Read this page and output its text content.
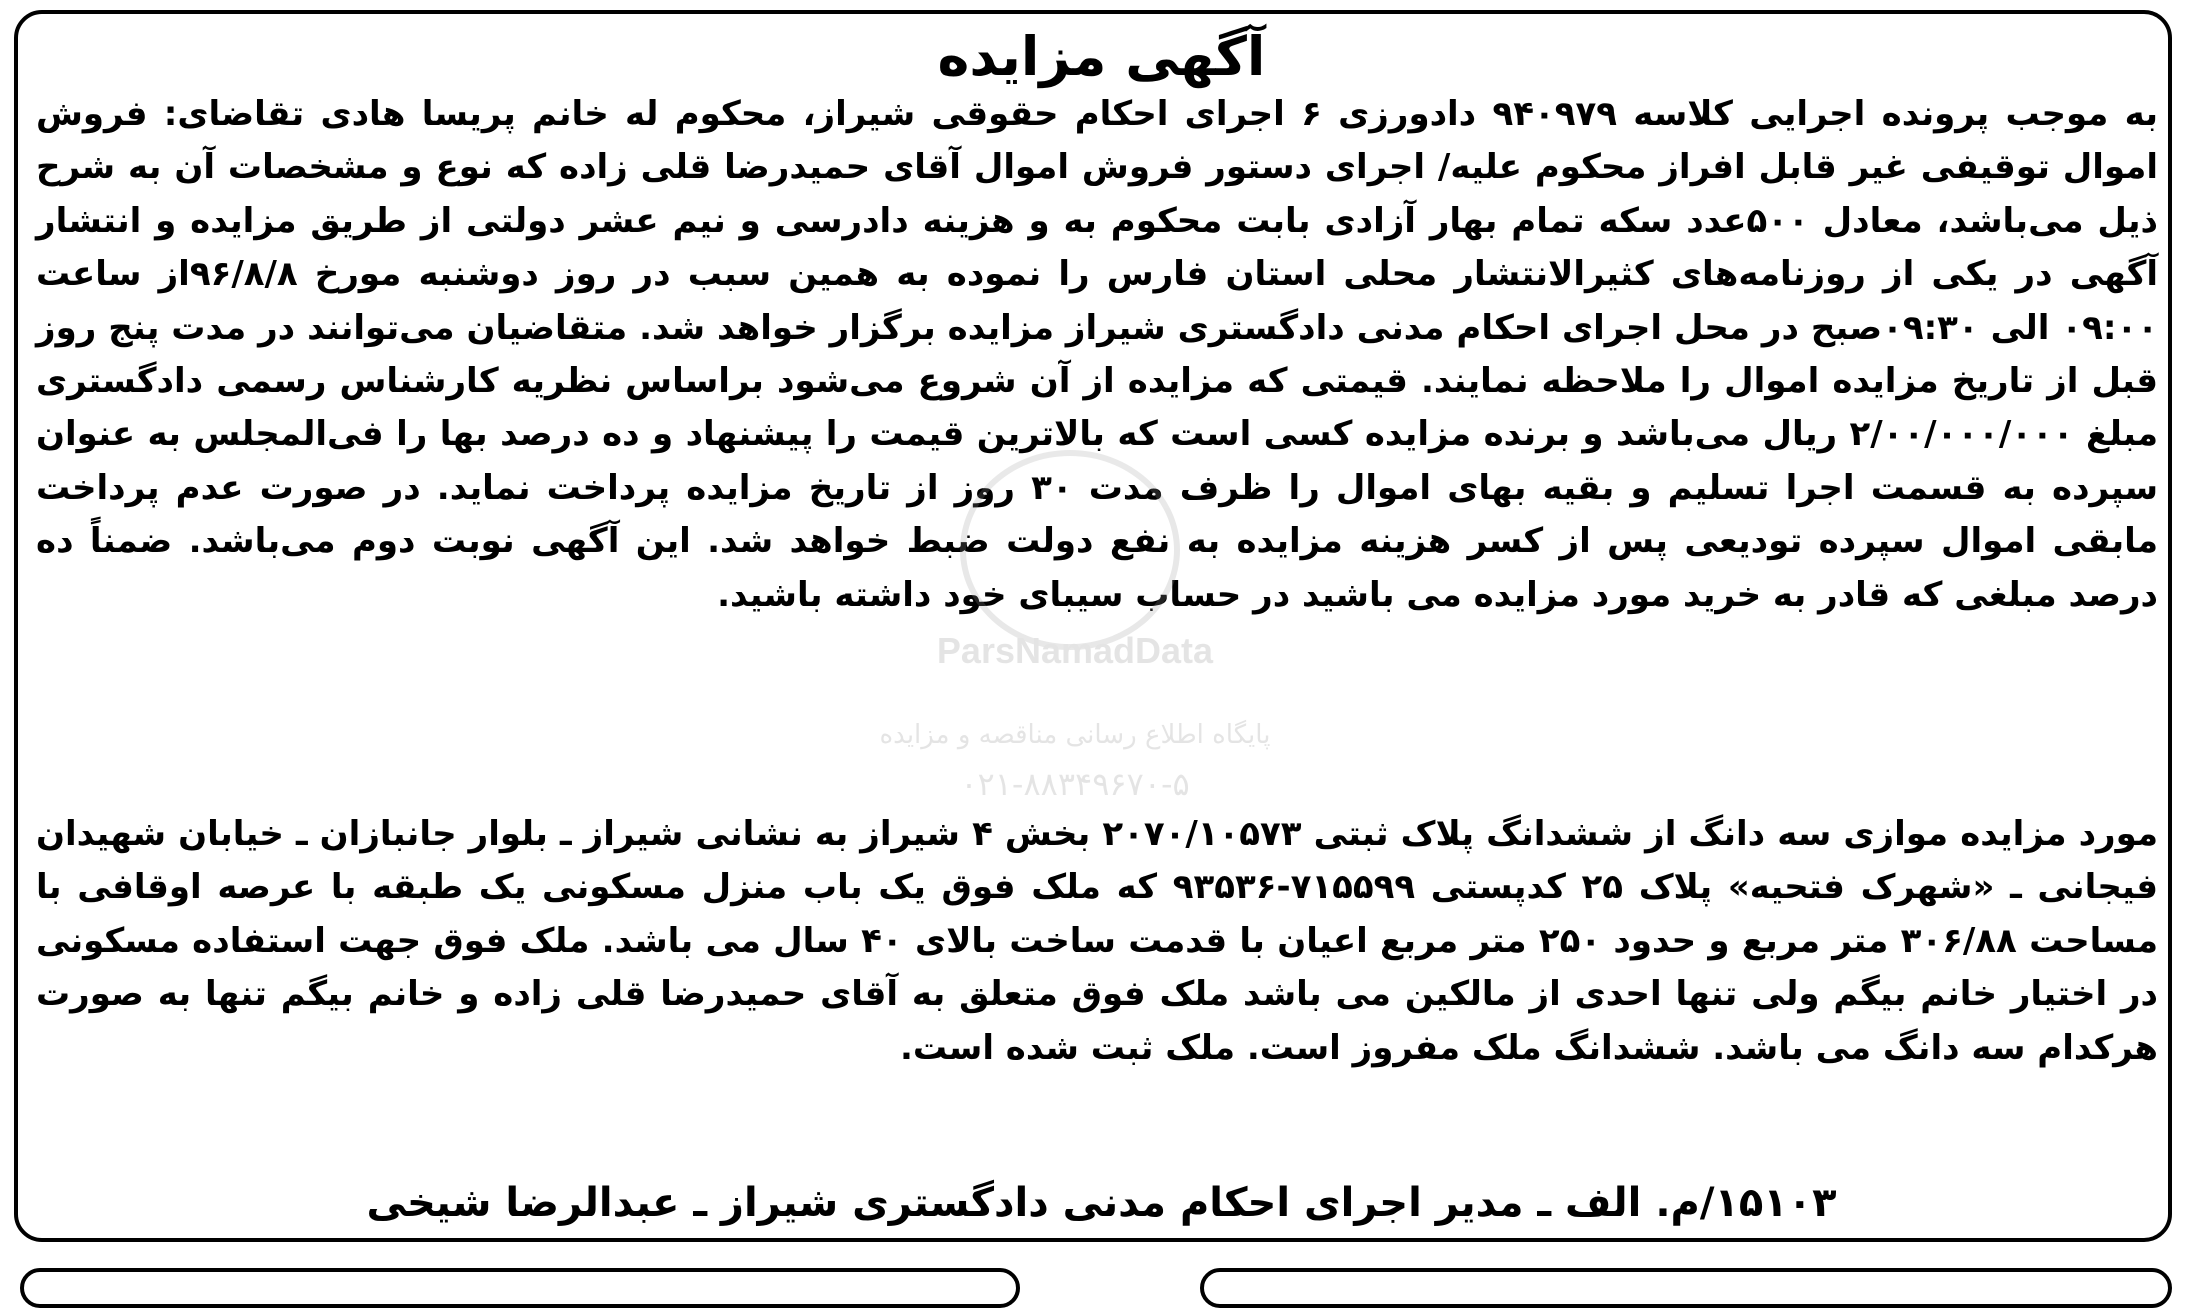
آگهی مزایده

به موجب پرونده اجرایی کلاسه ۹۴۰۹۷۹ دادورزی ۶ اجرای احکام حقوقی شیراز، محکوم له خانم پریسا هادی تقاضای: فروش اموال توقیفی غیر قابل افراز محکوم علیه/ اجرای دستور فروش اموال آقای حمیدرضا قلی زاده که نوع و مشخصات آن به شرح ذیل می‌باشد، معادل ۵۰۰عدد سکه تمام بهار آزادی بابت محکوم به و هزینه دادرسی و نیم عشر دولتی از طریق مزایده و انتشار آگهی در یکی از روزنامه‌های کثیرالانتشار محلی استان فارس را نموده به همین سبب در روز دوشنبه مورخ ۹۶/۸/۸از ساعت ۰۹:۰۰ الی ۰۹:۳۰صبح در محل اجرای احکام مدنی دادگستری شیراز مزایده برگزار خواهد شد. متقاضیان می‌توانند در مدت پنج روز قبل از تاریخ مزایده اموال را ملاحظه نمایند. قیمتی که مزایده از آن شروع می‌شود براساس نظریه کارشناس رسمی دادگستری مبلغ ۲/۰۰/۰۰۰/۰۰۰ ریال می‌باشد و برنده مزایده کسی است که بالاترین قیمت را پیشنهاد و ده درصد بها را فی‌المجلس به عنوان سپرده به قسمت اجرا تسلیم و بقیه بهای اموال را ظرف مدت ۳۰ روز از تاریخ مزایده پرداخت نماید. در صورت عدم پرداخت مابقی اموال سپرده تودیعی پس از کسر هزینه مزایده به نفع دولت ضبط خواهد شد. این آگهی نوبت دوم می‌باشد. ضمناً ده درصد مبلغی که قادر به خرید مورد مزایده می باشید در حساب سیبای خود داشته باشید.

مورد مزایده موازی سه دانگ از ششدانگ پلاک ثبتی ۲۰۷۰/۱۰۵۷۳ بخش ۴ شیراز به نشانی شیراز ـ بلوار جانبازان ـ خیابان شهیدان فیجانی ـ «شهرک فتحیه» پلاک ۲۵ کدپستی ۷۱۵۵۹۹-۹۳۵۳۶ که ملک فوق یک باب منزل مسکونی یک طبقه با عرصه اوقافی با مساحت ۳۰۶/۸۸ متر مربع و حدود ۲۵۰ متر مربع اعیان با قدمت ساخت بالای ۴۰ سال می باشد. ملک فوق جهت استفاده مسکونی در اختیار خانم بیگم ولی تنها احدی از مالکین می باشد ملک فوق متعلق به آقای حمیدرضا قلی زاده و خانم بیگم تنها به صورت هرکدام سه دانگ می باشد. ششدانگ ملک مفروز است. ملک ثبت شده است.

ParsNamadData
پایگاه اطلاع رسانی مناقصه و مزایده
۰۲۱-۸۸۳۴۹۶۷۰-۵
۱۵۱۰۳/م. الف ـ مدیر اجرای احکام مدنی دادگستری شیراز ـ عبدالرضا شیخی
